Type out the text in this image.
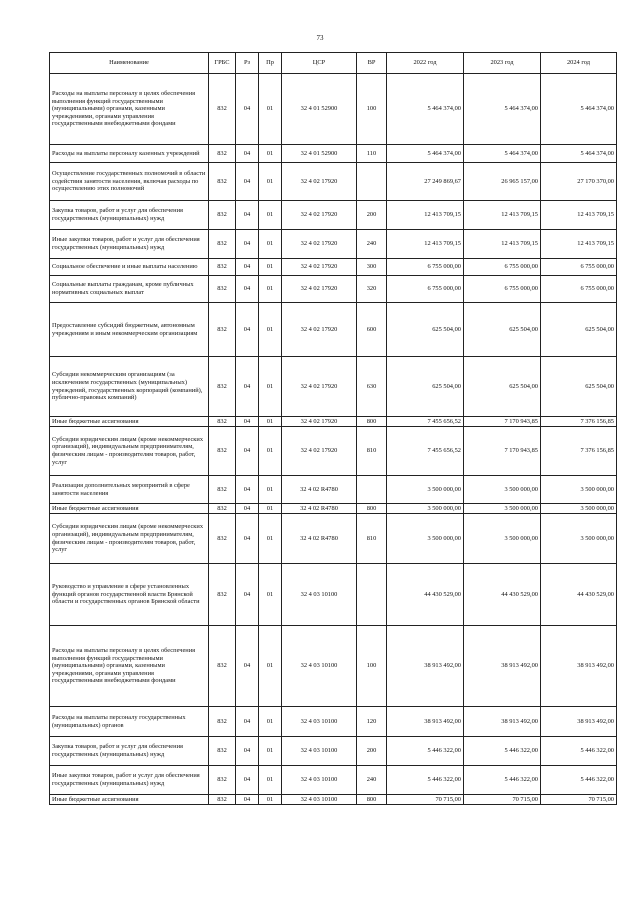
73
Наименование	ГРБС	Рз	Пр	ЦСР	ВР	2022 год	2023 год	2024 год
Расходы на выплаты персоналу в целях обеспечения выполнения функций государственными (муниципальными) органами, казенными учреждениями, органами управления государственными внебюджетными фондами	832	04	01	32 4 01 52900	100	5 464 374,00	5 464 374,00	5 464 374,00
Расходы на выплаты персоналу казенных учреждений	832	04	01	32 4 01 52900	110	5 464 374,00	5 464 374,00	5 464 374,00
Осуществление государственных полномочий в области содействия занятости населения, включая расходы по осуществлению этих полномочий	832	04	01	32 4 02 17920		27 249 869,67	26 965 157,00	27 170 370,00
Закупка товаров, работ и услуг для обеспечения государственных (муниципальных) нужд	832	04	01	32 4 02 17920	200	12 413 709,15	12 413 709,15	12 413 709,15
Иные закупки товаров, работ и услуг для обеспечения государственных (муниципальных) нужд	832	04	01	32 4 02 17920	240	12 413 709,15	12 413 709,15	12 413 709,15
Социальное обеспечение и иные выплаты населению	832	04	01	32 4 02 17920	300	6 755 000,00	6 755 000,00	6 755 000,00
Социальные выплаты гражданам, кроме публичных нормативных социальных выплат	832	04	01	32 4 02 17920	320	6 755 000,00	6 755 000,00	6 755 000,00
Предоставление субсидий бюджетным, автономным учреждениям и иным некоммерческим организациям	832	04	01	32 4 02 17920	600	625 504,00	625 504,00	625 504,00
Субсидии некоммерческим организациям (за исключением государственных (муниципальных) учреждений, государственных корпораций (компаний), публично-правовых компаний)	832	04	01	32 4 02 17920	630	625 504,00	625 504,00	625 504,00
Иные бюджетные ассигнования	832	04	01	32 4 02 17920	800	7 455 656,52	7 170 943,85	7 376 156,85
Субсидии юридическим лицам (кроме некоммерческих организаций), индивидуальным предпринимателям, физическим лицам - производителям товаров, работ, услуг	832	04	01	32 4 02 17920	810	7 455 656,52	7 170 943,85	7 376 156,85
Реализация дополнительных мероприятий в сфере занятости населения	832	04	01	32 4 02 R4780		3 500 000,00	3 500 000,00	3 500 000,00
Иные бюджетные ассигнования	832	04	01	32 4 02 R4780	800	3 500 000,00	3 500 000,00	3 500 000,00
Субсидии юридическим лицам (кроме некоммерческих организаций), индивидуальным предпринимателям, физическим лицам - производителям товаров, работ, услуг	832	04	01	32 4 02 R4780	810	3 500 000,00	3 500 000,00	3 500 000,00
Руководство и управление в сфере установленных функций органов государственной власти Брянской области и государственных органов Брянской области	832	04	01	32 4 03 10100		44 430 529,00	44 430 529,00	44 430 529,00
Расходы на выплаты персоналу в целях обеспечения выполнения функций государственными (муниципальными) органами, казенными учреждениями, органами управления государственными внебюджетными фондами	832	04	01	32 4 03 10100	100	38 913 492,00	38 913 492,00	38 913 492,00
Расходы на выплаты персоналу государственных (муниципальных) органов	832	04	01	32 4 03 10100	120	38 913 492,00	38 913 492,00	38 913 492,00
Закупка товаров, работ и услуг для обеспечения государственных (муниципальных) нужд	832	04	01	32 4 03 10100	200	5 446 322,00	5 446 322,00	5 446 322,00
Иные закупки товаров, работ и услуг для обеспечения государственных (муниципальных) нужд	832	04	01	32 4 03 10100	240	5 446 322,00	5 446 322,00	5 446 322,00
Иные бюджетные ассигнования	832	04	01	32 4 03 10100	800	70 715,00	70 715,00	70 715,00
